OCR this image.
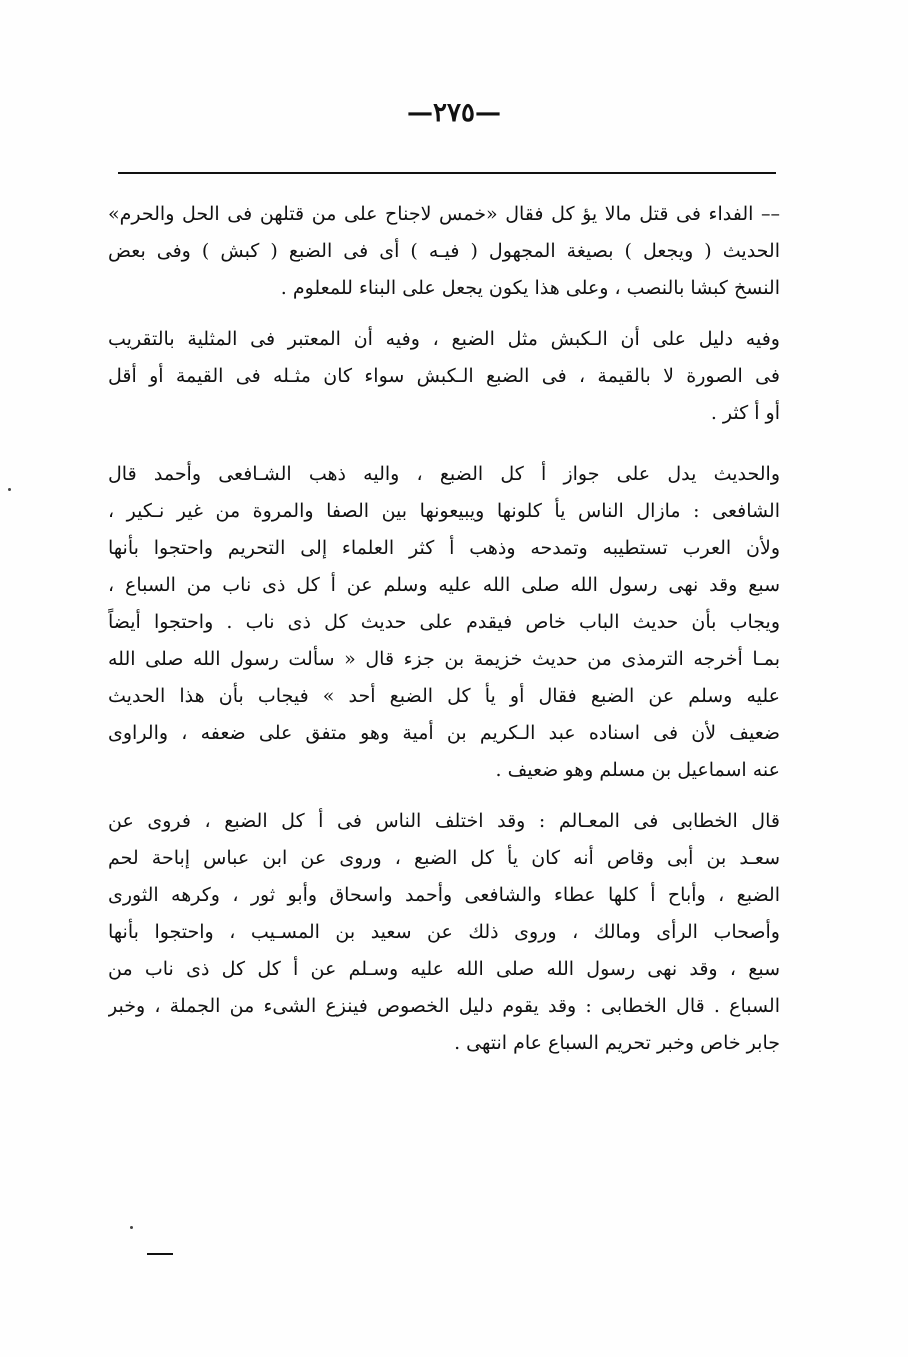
—٢٧٥—
–– الفداء فى قتل مالا يؤ كل فقال «خمس لاجناح على من قتلهن فى الحل والحرم»
الحديث ( ويجعل ) بصيغة المجهول ( فيـه ) أى فى الضبع ( كبش ) وفى بعض
النسخ كبشا بالنصب ، وعلى هذا يكون يجعل على البناء للمعلوم .
وفيه دليل على أن الـكبش مثل الضبع ، وفيه أن المعتبر فى المثلية بالتقريب
فى الصورة لا بالقيمة ، فى الضبع الـكبش سواء كان مثـله فى القيمة أو أقل
أو أ كثر .
والحديث يدل على جواز أ كل الضبع ، واليه ذهب الشـافعى وأحمد قال
الشافعى : مازال الناس يأ كلونها ويبيعونها بين الصفا والمروة من غير نـكير ،
ولأن العرب تستطيبه وتمدحه وذهب أ كثر العلماء إلى التحريم واحتجوا بأنها
سبع وقد نهى رسول الله صلى الله عليه وسلم عن أ كل ذى ناب من السباع ،
ويجاب بأن حديث الباب خاص فيقدم على حديث كل ذى ناب . واحتجوا أيضاً
بمـا أخرجه الترمذى من حديث خزيمة بن جزء قال « سألت رسول الله صلى الله
عليه وسلم عن الضبع فقال أو يأ كل الضبع أحد » فيجاب بأن هذا الحديث
ضعيف لأن فى اسناده عبد الـكريم بن أمية وهو متفق على ضعفه ، والراوى
عنه اسماعيل بن مسلم وهو ضعيف .
قال الخطابى فى المعـالم : وقد اختلف الناس فى أ كل الضبع ، فروى عن
سعـد بن أبى وقاص أنه كان يأ كل الضبع ، وروى عن ابن عباس إباحة لحم
الضبع ، وأباح أ كلها عطاء والشافعى وأحمد واسحاق وأبو ثور ، وكرهه الثورى
وأصحاب الرأى ومالك ، وروى ذلك عن سعيد بن المسـيب ، واحتجوا بأنها
سبع ، وقد نهى رسول الله صلى الله عليه وسـلم عن أ كل كل ذى ناب من
السباع . قال الخطابى : وقد يقوم دليل الخصوص فينزع الشىء من الجملة ، وخبر
جابر خاص وخبر تحريم السباع عام انتهى .
